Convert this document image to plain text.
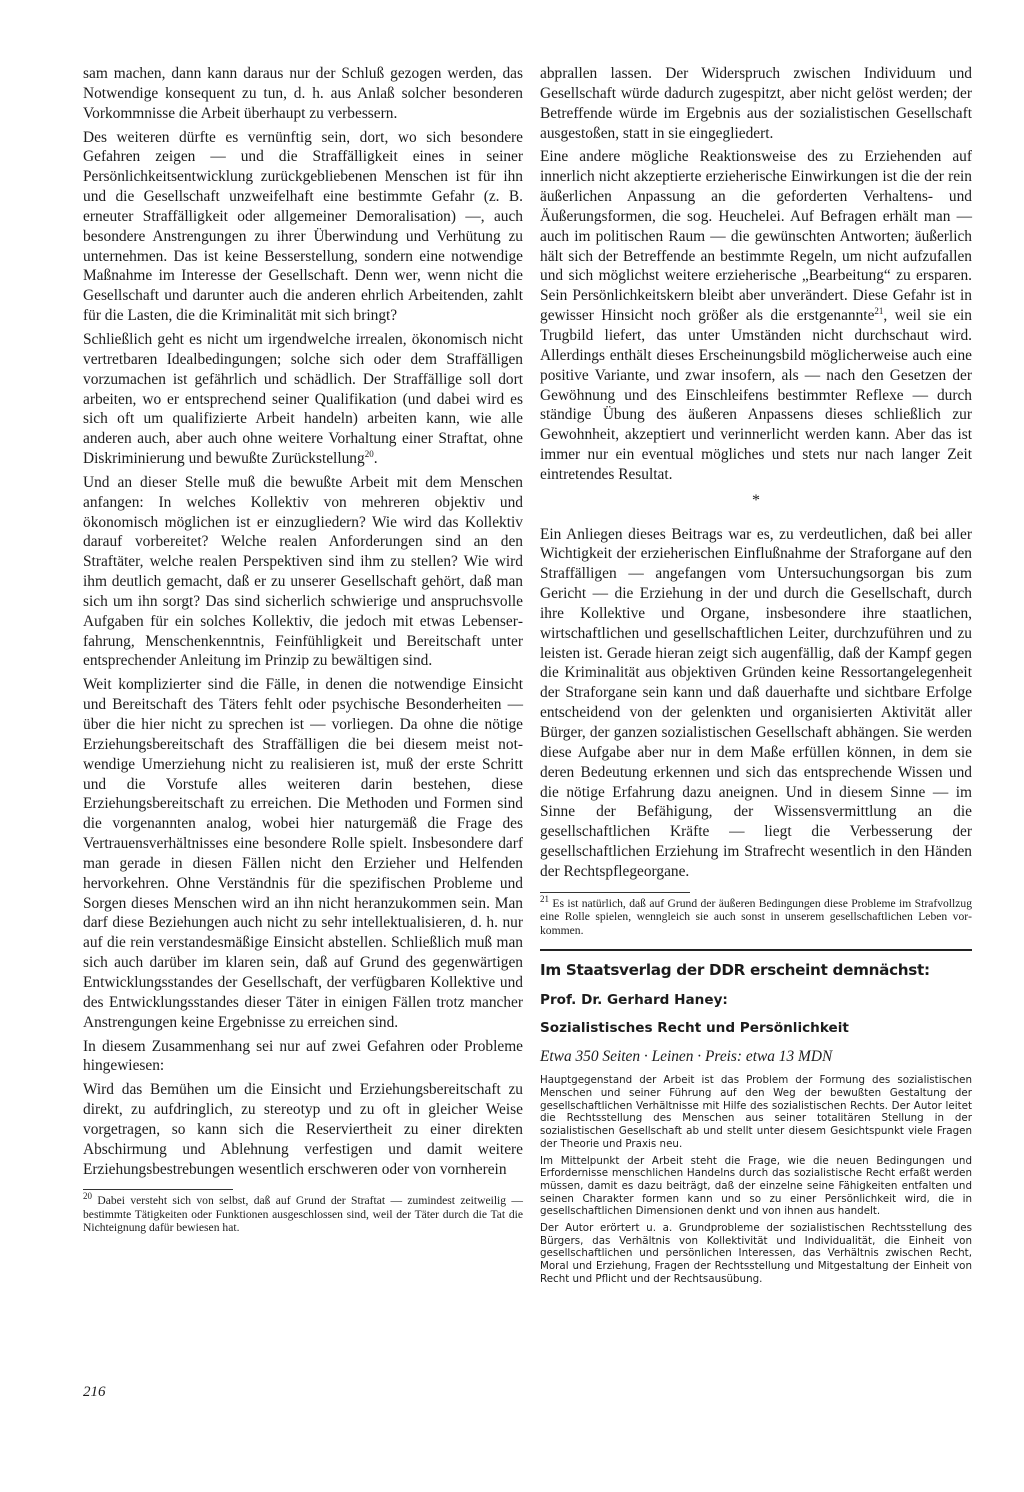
sam machen, dann kann daraus nur der Schluß gezogen werden, das Notwendige konsequent zu tun, d. h. aus Anlaß solcher besonderen Vorkommnisse die Arbeit überhaupt zu verbessern.

Des weiteren dürfte es vernünftig sein, dort, wo sich besondere Gefahren zeigen — und die Straffälligkeit eines in seiner Persönlichkeitsentwicklung zurückgebliebenen Menschen ist für ihn und die Gesellschaft unzweifelhaft eine bestimmte Gefahr (z. B. erneuter Straffälligkeit oder allgemeiner Demoralisation) —, auch besondere Anstrengungen zu ihrer Überwindung und Verhütung zu unternehmen. Das ist keine Besserstellung, sondern eine notwendige Maßnahme im Interesse der Gesellschaft. Denn wer, wenn nicht die Gesellschaft und darunter auch die anderen ehrlich Arbeitenden, zahlt für die Lasten, die die Kriminalität mit sich bringt?

Schließlich geht es nicht um irgendwelche irrealen, ökonomisch nicht vertretbaren Idealbedingungen; solche sich oder dem Straffälligen vorzumachen ist gefährlich und schädlich. Der Straffällige soll dort arbeiten, wo er entsprechend seiner Qualifikation (und dabei wird es sich oft um qualifizierte Arbeit handeln) arbeiten kann, wie alle anderen auch, aber auch ohne weitere Vorhaltung einer Straftat, ohne Diskriminierung und bewußte Zurückstellung$^{20}$.

Und an dieser Stelle muß die bewußte Arbeit mit dem Menschen anfangen: In welches Kollektiv von mehreren objektiv und ökonomisch möglichen ist er einzugliedern? Wie wird das Kollektiv darauf vorbereitet? Welche realen Anforderungen sind an den Straftäter, welche realen Perspektiven sind ihm zu stellen? Wie wird ihm deutlich gemacht, daß er zu unserer Gesellschaft gehört, daß man sich um ihn sorgt? Das sind sicherlich schwierige und anspruchsvolle Aufgaben für ein solches Kollektiv, die jedoch mit etwas Lebenserfahrung, Menschenkenntnis, Feinfühligkeit und Bereitschaft unter entsprechender Anleitung im Prinzip zu bewältigen sind.

Weit komplizierter sind die Fälle, in denen die notwendige Einsicht und Bereitschaft des Täters fehlt oder psychische Besonderheiten — über die hier nicht zu sprechen ist — vorliegen. Da ohne die nötige Erziehungsbereitschaft des Straffälligen die bei diesem meist notwendige Umerziehung nicht zu realisieren ist, muß der erste Schritt und die Vorstufe alles weiteren darin bestehen, diese Erziehungsbereitschaft zu erreichen. Die Methoden und Formen sind die vorgenannten analog, wobei hier naturgemäß die Frage des Vertrauensverhältnisses eine besondere Rolle spielt. Insbesondere darf man gerade in diesen Fällen nicht den Erzieher und Helfenden hervorkehren. Ohne Verständnis für die spezifischen Probleme und Sorgen dieses Menschen wird an ihn nicht heranzukommen sein. Man darf diese Beziehungen auch nicht zu sehr intellektualisieren, d. h. nur auf die rein verstandesmäßige Einsicht abstellen. Schließlich muß man sich auch darüber im klaren sein, daß auf Grund des gegenwärtigen Entwicklungsstandes der Gesellschaft, der verfügbaren Kollektive und des Entwicklungsstandes dieser Täter in einigen Fällen trotz mancher Anstrengungen keine Ergebnisse zu erreichen sind.

In diesem Zusammenhang sei nur auf zwei Gefahren oder Probleme hingewiesen:

Wird das Bemühen um die Einsicht und Erziehungsbereitschaft zu direkt, zu aufdringlich, zu stereotyp und zu oft in gleicher Weise vorgetragen, so kann sich die Reserviertheit zu einer direkten Abschirmung und Ablehnung verfestigen und damit weitere Erziehungsbestrebungen wesentlich erschweren oder von vornherein

$^{20}$ Dabei versteht sich von selbst, daß auf Grund der Straftat — zumindest zeitweilig — bestimmte Tätigkeiten oder Funktionen ausgeschlossen sind, weil der Täter durch die Tat die Nichteignung dafür bewiesen hat.

abprallen lassen. Der Widerspruch zwischen Individuum und Gesellschaft würde dadurch zugespitzt, aber nicht gelöst werden; der Betreffende würde im Ergebnis aus der sozialistischen Gesellschaft ausgestoßen, statt in sie eingegliedert.

Eine andere mögliche Reaktionsweise des zu Erziehenden auf innerlich nicht akzeptierte erzieherische Einwirkungen ist die der rein äußerlichen Anpassung an die geforderten Verhaltens- und Äußerungsformen, die sog. Heuchelei. Auf Befragen erhält man — auch im politischen Raum — die gewünschten Antworten; äußerlich hält sich der Betreffende an bestimmte Regeln, um nicht aufzufallen und sich möglichst weitere erzieherische „Bearbeitung“ zu ersparen. Sein Persönlichkeitskern bleibt aber unverändert. Diese Gefahr ist in gewisser Hinsicht noch größer als die erstgenannte$^{21}$, weil sie ein Trugbild liefert, das unter Umständen nicht durchschaut wird. Allerdings enthält dieses Erscheinungsbild möglicherweise auch eine positive Variante, und zwar insofern, als — nach den Gesetzen der Gewöhnung und des Einschleifens bestimmter Reflexe — durch ständige Übung des äußeren Anpassens dieses schließlich zur Gewohnheit, akzeptiert und verinnerlicht werden kann. Aber das ist immer nur ein eventual mögliches und stets nur nach langer Zeit eintretendes Resultat.

*

Ein Anliegen dieses Beitrags war es, zu verdeutlichen, daß bei aller Wichtigkeit der erzieherischen Einflußnahme der Straforgane auf den Straffälligen — angefangen vom Untersuchungsorgan bis zum Gericht — die Erziehung in der und durch die Gesellschaft, durch ihre Kollektive und Organe, insbesondere ihre staatlichen, wirtschaftlichen und gesellschaftlichen Leiter, durchzuführen und zu leisten ist. Gerade hieran zeigt sich augenfällig, daß der Kampf gegen die Kriminalität aus objektiven Gründen keine Ressortangelegenheit der Straforgane sein kann und daß dauerhafte und sichtbare Erfolge entscheidend von der gelenkten und organisierten Aktivität aller Bürger, der ganzen sozialistischen Gesellschaft abhängen. Sie werden diese Aufgabe aber nur in dem Maße erfüllen können, in dem sie deren Bedeutung erkennen und sich das entsprechende Wissen und die nötige Erfahrung dazu aneignen. Und in diesem Sinne — im Sinne der Befähigung, der Wissensvermittlung an die gesellschaftlichen Kräfte — liegt die Verbesserung der gesellschaftlichen Erziehung im Strafrecht wesentlich in den Händen der Rechtspflegeorgane.

$^{21}$ Es ist natürlich, daß auf Grund der äußeren Bedingungen diese Probleme im Strafvollzug eine Rolle spielen, wenngleich sie auch sonst in unserem gesellschaftlichen Leben vorkommen.

Im Staatsverlag der DDR erscheint demnächst:
Prof. Dr. Gerhard Haney:
Sozialistisches Recht und Persönlichkeit
Etwa 350 Seiten · Leinen · Preis: etwa 13 MDN

Hauptgegenstand der Arbeit ist das Problem der Formung des sozialistischen Menschen und seiner Führung auf den Weg der bewußten Gestaltung der gesellschaftlichen Verhältnisse mit Hilfe des sozialistischen Rechts. Der Autor leitet die Rechtsstellung des Menschen aus seiner totalitären Stellung in der sozialistischen Gesellschaft ab und stellt unter diesem Gesichtspunkt viele Fragen der Theorie und Praxis neu.

Im Mittelpunkt der Arbeit steht die Frage, wie die neuen Bedingungen und Erfordernisse menschlichen Handelns durch das sozialistische Recht erfaßt werden müssen, damit es dazu beiträgt, daß der einzelne seine Fähigkeiten entfalten und seinen Charakter formen kann und so zu einer Persönlichkeit wird, die in gesellschaftlichen Dimensionen denkt und von ihnen aus handelt.

Der Autor erörtert u. a. Grundprobleme der sozialistischen Rechtsstellung des Bürgers, das Verhältnis von Kollektivität und Individualität, die Einheit von gesellschaftlichen und persönlichen Interessen, das Verhältnis zwischen Recht, Moral und Erziehung, Fragen der Rechtsstellung und Mitgestaltung der Einheit von Recht und Pflicht und der Rechtsausübung.

216
